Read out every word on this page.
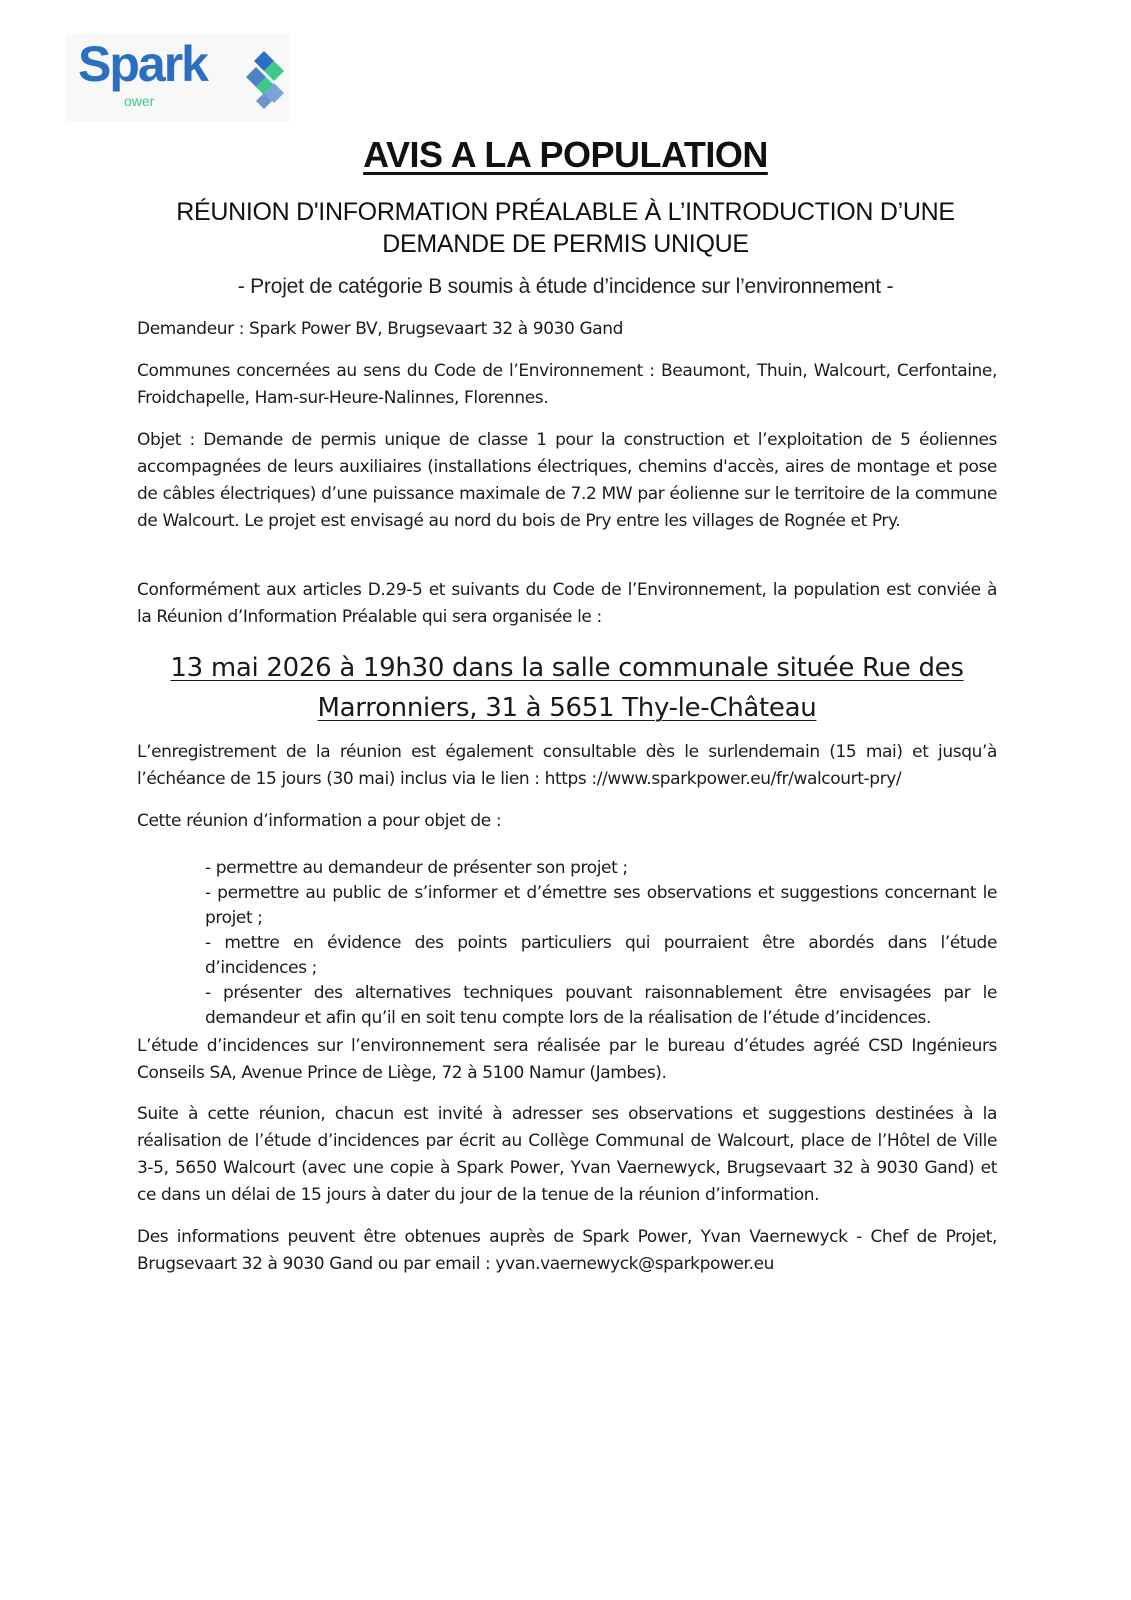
Spark
ower
AVIS A LA POPULATION
RÉUNION D'INFORMATION PRÉALABLE À L’INTRODUCTION D’UNE DEMANDE DE PERMIS UNIQUE
- Projet de catégorie B soumis à étude d’incidence sur l’environnement -
Demandeur : Spark Power BV, Brugsevaart 32 à 9030 Gand
Communes concernées au sens du Code de l’Environnement : Beaumont, Thuin, Walcourt, Cerfontaine, Froidchapelle, Ham-sur-Heure-Nalinnes, Florennes.
Objet : Demande de permis unique de classe 1 pour la construction et l’exploitation de 5 éoliennes accompagnées de leurs auxiliaires (installations électriques, chemins d'accès, aires de montage et pose de câbles électriques) d’une puissance maximale de 7.2 MW par éolienne sur le territoire de la commune de Walcourt. Le projet est envisagé au nord du bois de Pry entre les villages de Rognée et Pry.
Conformément aux articles D.29-5 et suivants du Code de l’Environnement, la population est conviée à la Réunion d’Information Préalable qui sera organisée le :
13 mai 2026 à 19h30 dans la salle communale située Rue des Marronniers, 31 à 5651 Thy-le-Château
L’enregistrement de la réunion est également consultable dès le surlendemain (15 mai) et jusqu’à l’échéance de 15 jours (30 mai) inclus via le lien : https ://www.sparkpower.eu/fr/walcourt-pry/
Cette réunion d’information a pour objet de :
- permettre au demandeur de présenter son projet ;
- permettre au public de s’informer et d’émettre ses observations et suggestions concernant le projet ;
- mettre en évidence des points particuliers qui pourraient être abordés dans l’étude d’incidences ;
- présenter des alternatives techniques pouvant raisonnablement être envisagées par le demandeur et afin qu’il en soit tenu compte lors de la réalisation de l’étude d’incidences.
L’étude d’incidences sur l’environnement sera réalisée par le bureau d’études agréé CSD Ingénieurs Conseils SA, Avenue Prince de Liège, 72 à 5100 Namur (Jambes).
Suite à cette réunion, chacun est invité à adresser ses observations et suggestions destinées à la réalisation de l’étude d’incidences par écrit au Collège Communal de Walcourt, place de l’Hôtel de Ville 3-5, 5650 Walcourt (avec une copie à Spark Power, Yvan Vaernewyck, Brugsevaart 32 à 9030 Gand) et ce dans un délai de 15 jours à dater du jour de la tenue de la réunion d’information.
Des informations peuvent être obtenues auprès de Spark Power, Yvan Vaernewyck - Chef de Projet, Brugsevaart 32 à 9030 Gand ou par email : yvan.vaernewyck@sparkpower.eu
